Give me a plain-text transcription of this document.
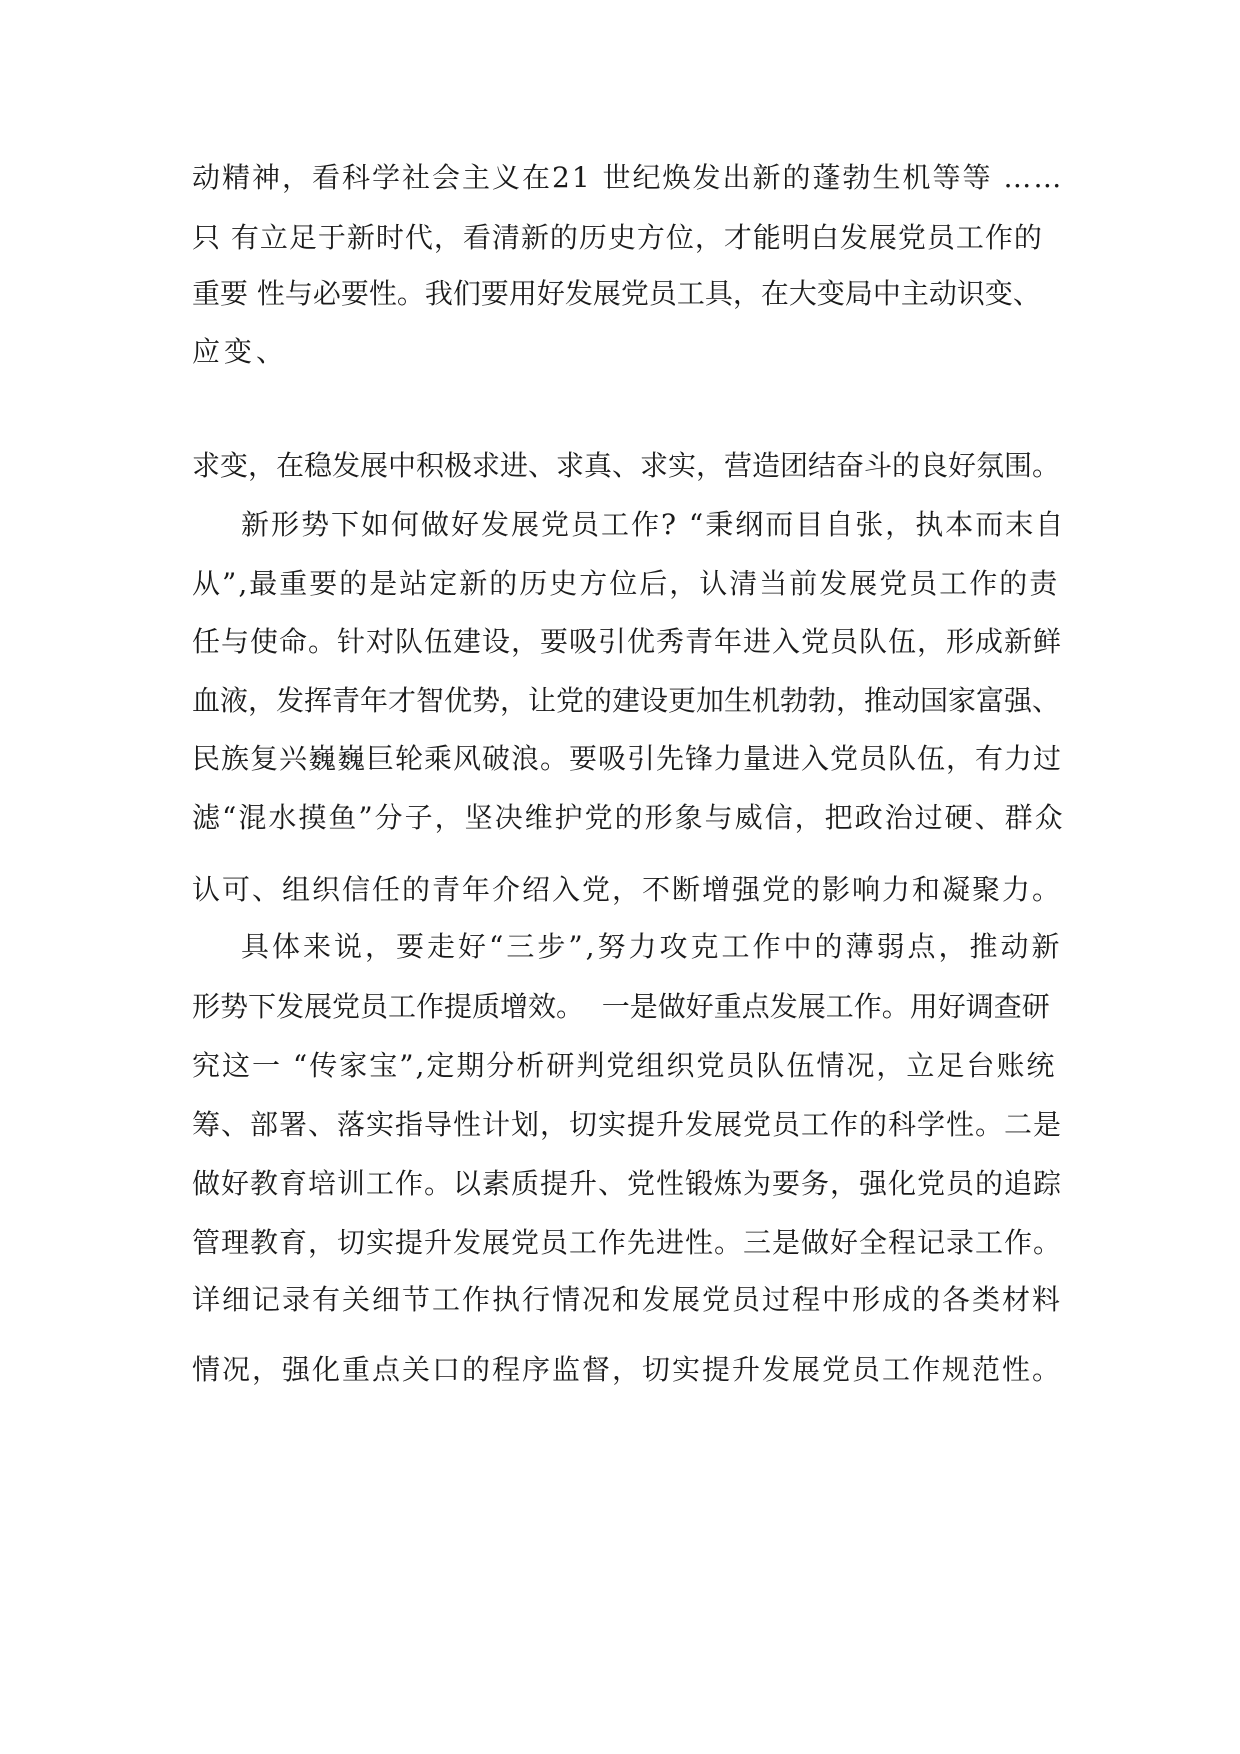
动精神，看科学社会主义在21 世纪焕发出新的蓬勃生机等等 ……
只 有立足于新时代，看清新的历史方位，才能明白发展党员工作的
重要 性与必要性。我们要用好发展党员工具，在大变局中主动识变、
应变、
求变，在稳发展中积极求进、求真、求实，营造团结奋斗的良好氛围。
新形势下如何做好发展党员工作? “秉纲而目自张，执本而末自
从”,最重要的是站定新的历史方位后，认清当前发展党员工作的责
任与使命。针对队伍建设，要吸引优秀青年进入党员队伍，形成新鲜
血液，发挥青年才智优势，让党的建设更加生机勃勃，推动国家富强、
民族复兴巍巍巨轮乘风破浪。要吸引先锋力量进入党员队伍，有力过
滤“混水摸鱼”分子，坚决维护党的形象与威信，把政治过硬、群众
认可、组织信任的青年介绍入党，不断增强党的影响力和凝聚力。
具体来说，要走好“三步”,努力攻克工作中的薄弱点，推动新
形势下发展党员工作提质增效。  一是做好重点发展工作。用好调查研
究这一 “传家宝”,定期分析研判党组织党员队伍情况，立足台账统
筹、部署、落实指导性计划，切实提升发展党员工作的科学性。二是
做好教育培训工作。以素质提升、党性锻炼为要务，强化党员的追踪
管理教育，切实提升发展党员工作先进性。三是做好全程记录工作。
详细记录有关细节工作执行情况和发展党员过程中形成的各类材料
情况，强化重点关口的程序监督，切实提升发展党员工作规范性。
